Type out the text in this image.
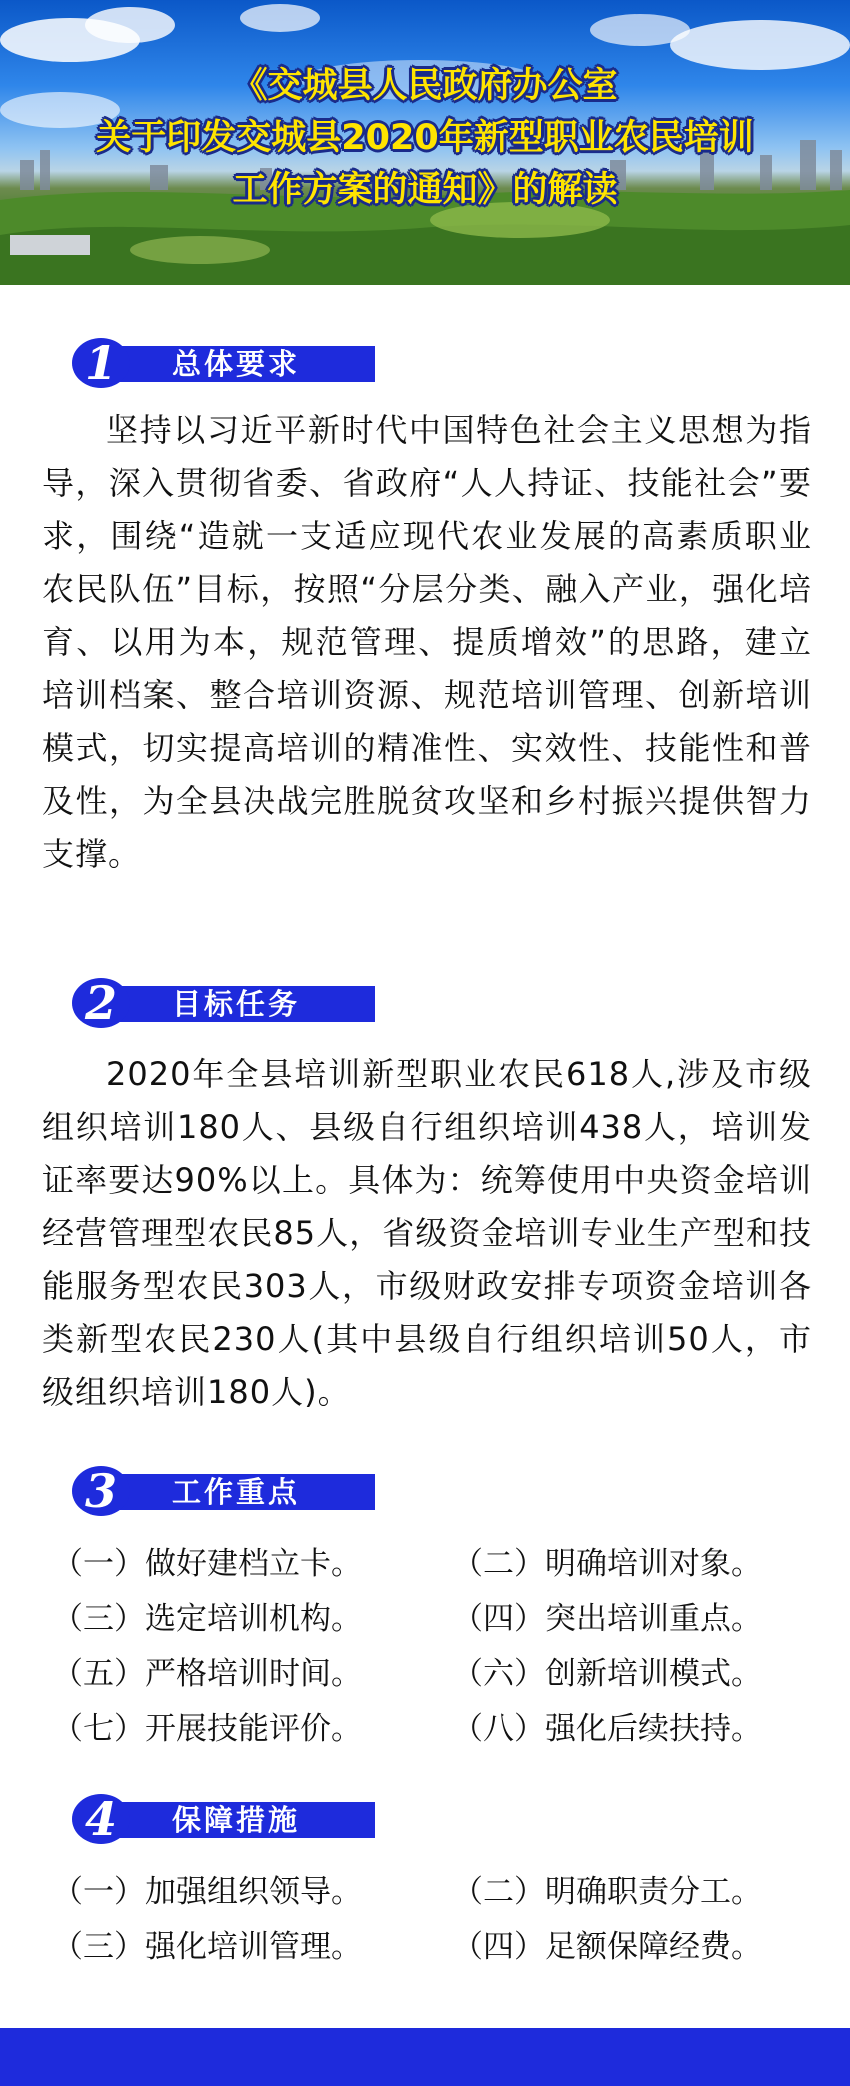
《交城县人民政府办公室
关于印发交城县2020年新型职业农民培训
工作方案的通知》的解读
1 总体要求

坚持以习近平新时代中国特色社会主义思想为指导，深入贯彻省委、省政府“人人持证、技能社会”要求，围绕“造就一支适应现代农业发展的高素质职业农民队伍”目标，按照“分层分类、融入产业，强化培育、以用为本，规范管理、提质增效”的思路，建立培训档案、整合培训资源、规范培训管理、创新培训模式，切实提高培训的精准性、实效性、技能性和普及性，为全县决战完胜脱贫攻坚和乡村振兴提供智力支撑。

2 目标任务

2020年全县培训新型职业农民618人,涉及市级组织培训180人、县级自行组织培训438人，培训发证率要达90%以上。具体为：统筹使用中央资金培训经营管理型农民85人，省级资金培训专业生产型和技能服务型农民303人，市级财政安排专项资金培训各类新型农民230人(其中县级自行组织培训50人，市级组织培训180人)。

3 工作重点
（一）做好建档立卡。	（二）明确培训对象。
（三）选定培训机构。	（四）突出培训重点。
（五）严格培训时间。	（六）创新培训模式。
（七）开展技能评价。	（八）强化后续扶持。
4 保障措施
（一）加强组织领导。	（二）明确职责分工。
（三）强化培训管理。	（四）足额保障经费。
